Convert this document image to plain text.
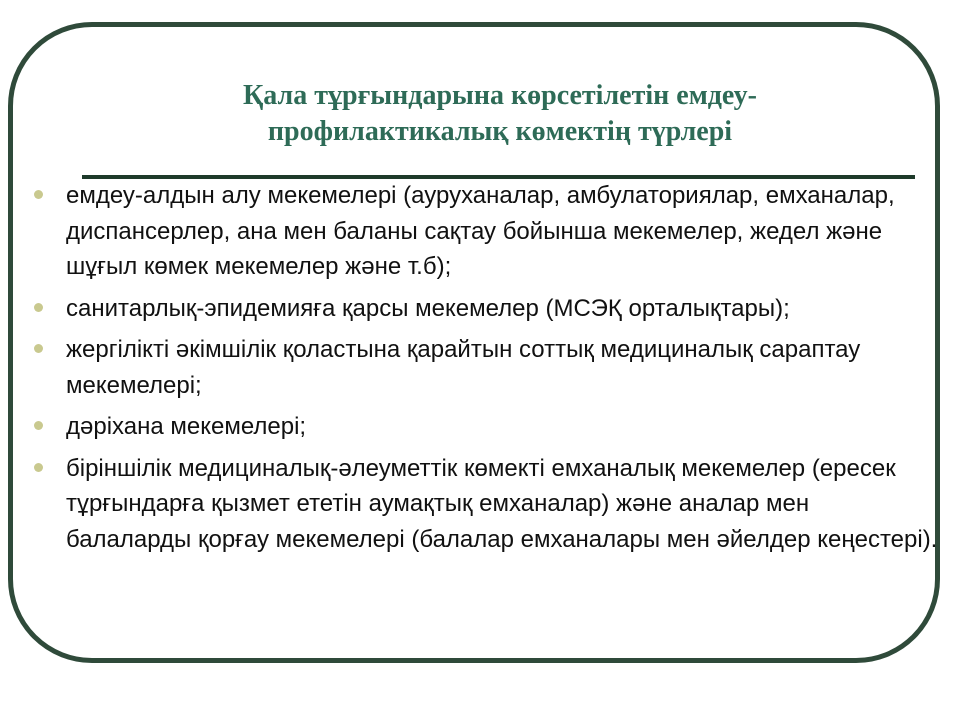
Қала тұрғындарына көрсетілетін емдеу-
профилактикалық көмектің түрлері
емдеу-алдын алу мекемелері (ауруханалар, амбулаториялар, емханалар, диспансерлер, ана мен баланы сақтау бойынша мекемелер, жедел және шұғыл көмек мекемелер және т.б);
санитарлық-эпидемияға қарсы мекемелер (МСЭҚ орталықтары);
жергілікті әкімшілік қоластына қарайтын соттық медициналық сараптау мекемелері;
дәріхана мекемелері;
біріншілік медициналық-әлеуметтік көмекті емханалық мекемелер (ересек тұрғындарға қызмет ететін аумақтық емханалар) және аналар мен балаларды қорғау мекемелері (балалар емханалары мен әйелдер кеңестері).
